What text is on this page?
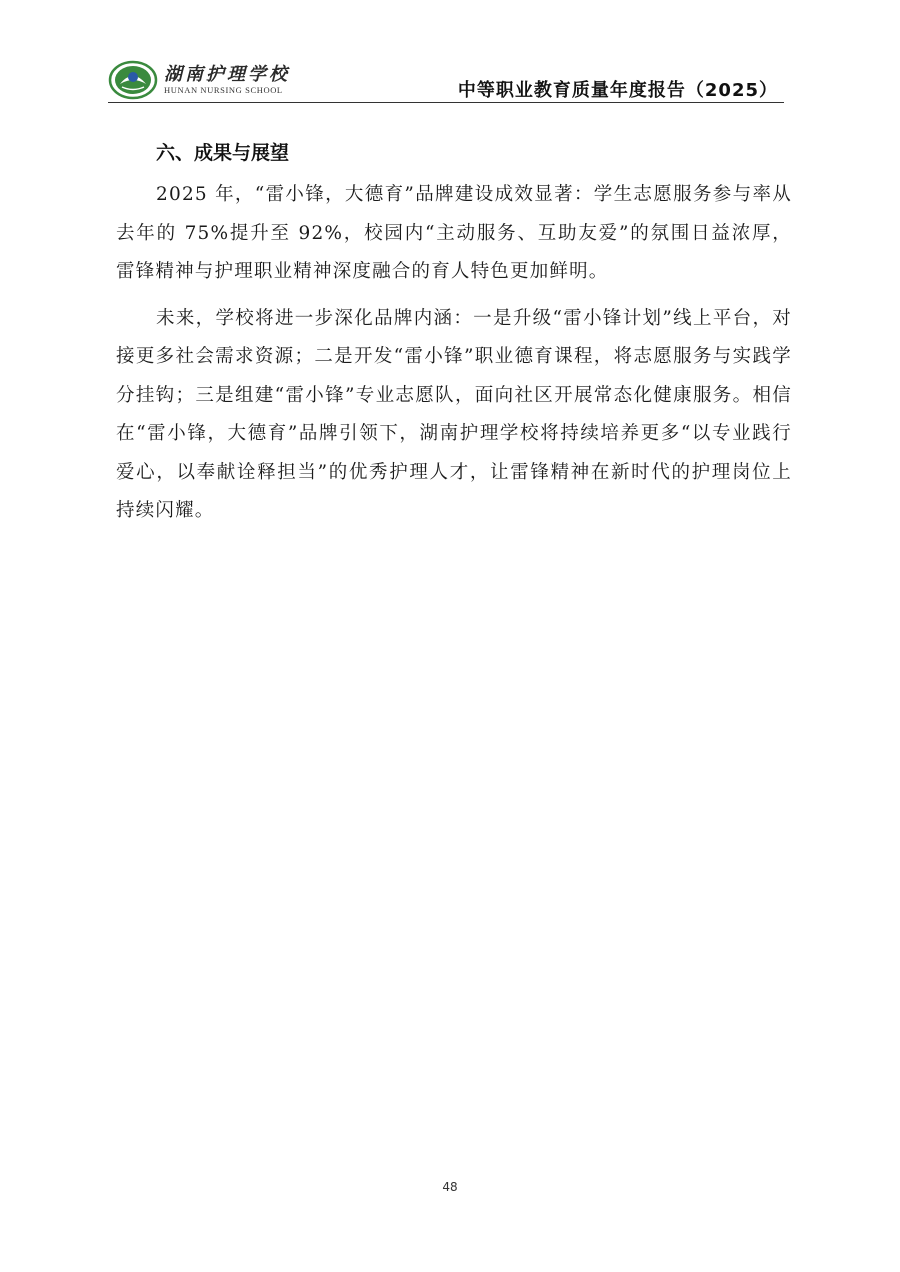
湖南护理学校
HUNAN NURSING SCHOOL	中等职业教育质量年度报告（2025）
六、成果与展望

2025 年，“雷小锋，大德育”品牌建设成效显著：学生志愿服务参与率从去年的 75%提升至 92%，校园内“主动服务、互助友爱”的氛围日益浓厚，雷锋精神与护理职业精神深度融合的育人特色更加鲜明。

未来，学校将进一步深化品牌内涵：一是升级“雷小锋计划”线上平台，对接更多社会需求资源；二是开发“雷小锋”职业德育课程，将志愿服务与实践学分挂钩；三是组建“雷小锋”专业志愿队，面向社区开展常态化健康服务。相信在“雷小锋，大德育”品牌引领下，湖南护理学校将持续培养更多“以专业践行爱心，以奉献诠释担当”的优秀护理人才，让雷锋精神在新时代的护理岗位上持续闪耀。

48
